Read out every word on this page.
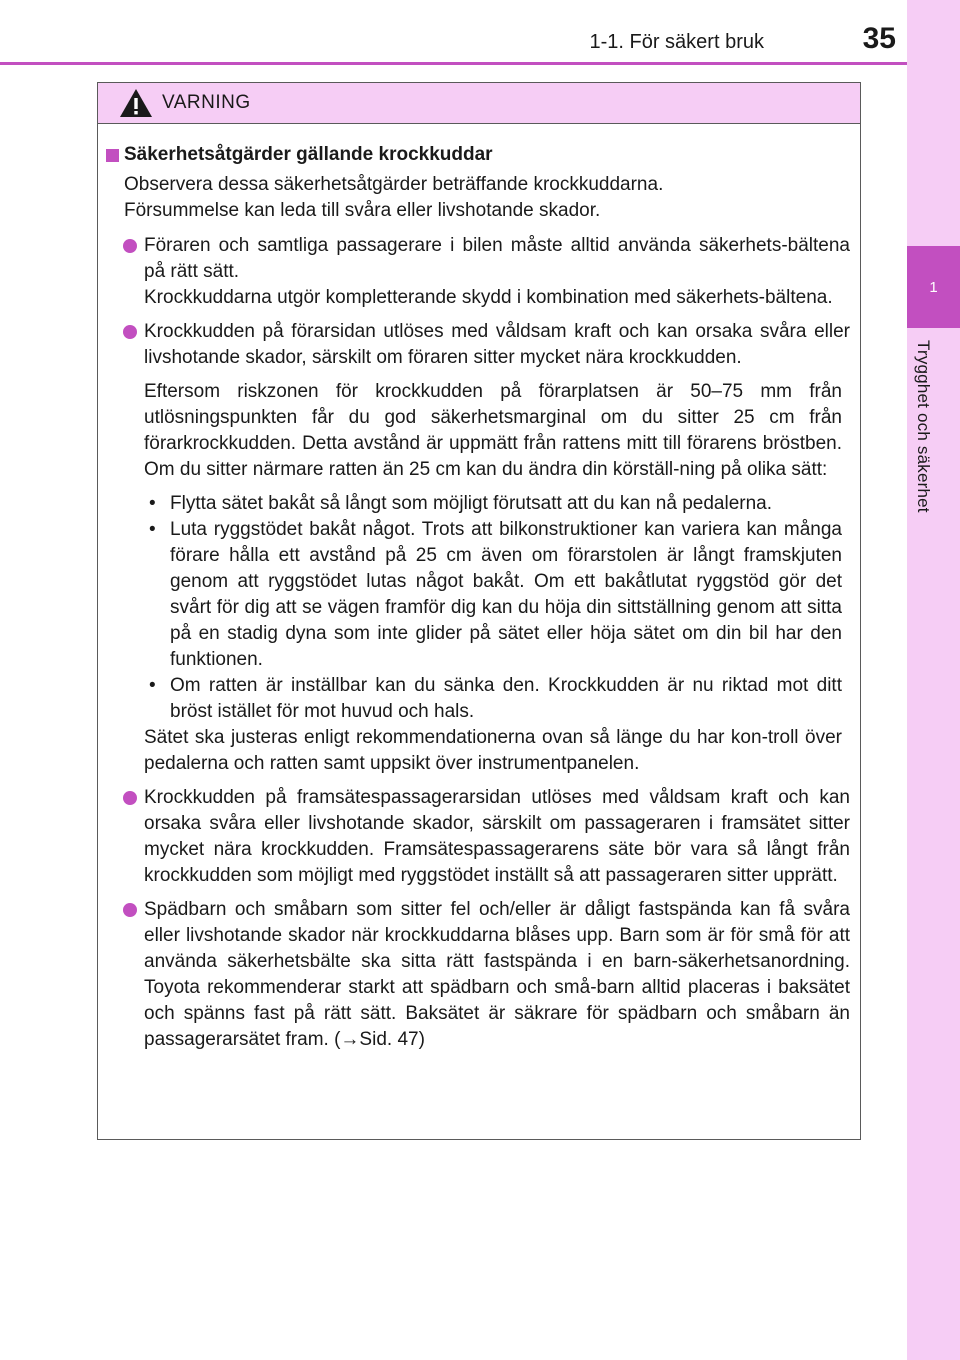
1-1. För säkert bruk	35
1
Trygghet och säkerhet
VARNING
Säkerhetsåtgärder gällande krockkuddar
Observera dessa säkerhetsåtgärder beträffande krockkuddarna.
Försummelse kan leda till svåra eller livshotande skador.
Föraren och samtliga passagerare i bilen måste alltid använda säkerhets-bältena på rätt sätt.
Krockkuddarna utgör kompletterande skydd i kombination med säkerhets-bältena.
Krockkudden på förarsidan utlöses med våldsam kraft och kan orsaka svåra eller livshotande skador, särskilt om föraren sitter mycket nära krockkudden.
Eftersom riskzonen för krockkudden på förarplatsen är 50–75 mm från utlösningspunkten får du god säkerhetsmarginal om du sitter 25 cm från förarkrockkudden. Detta avstånd är uppmätt från rattens mitt till förarens bröstben. Om du sitter närmare ratten än 25 cm kan du ändra din körställ-ning på olika sätt:
• Flytta sätet bakåt så långt som möjligt förutsatt att du kan nå pedalerna.
• Luta ryggstödet bakåt något. Trots att bilkonstruktioner kan variera kan många förare hålla ett avstånd på 25 cm även om förarstolen är långt framskjuten genom att ryggstödet lutas något bakåt. Om ett bakåtlutat ryggstöd gör det svårt för dig att se vägen framför dig kan du höja din sittställning genom att sitta på en stadig dyna som inte glider på sätet eller höja sätet om din bil har den funktionen.
• Om ratten är inställbar kan du sänka den. Krockkudden är nu riktad mot ditt bröst istället för mot huvud och hals.
Sätet ska justeras enligt rekommendationerna ovan så länge du har kon-troll över pedalerna och ratten samt uppsikt över instrumentpanelen.
Krockkudden på framsätespassagerarsidan utlöses med våldsam kraft och kan orsaka svåra eller livshotande skador, särskilt om passageraren i framsätet sitter mycket nära krockkudden. Framsätespassagerarens säte bör vara så långt från krockkudden som möjligt med ryggstödet inställt så att passageraren sitter upprätt.
Spädbarn och småbarn som sitter fel och/eller är dåligt fastspända kan få svåra eller livshotande skador när krockkuddarna blåses upp. Barn som är för små för att använda säkerhetsbälte ska sitta rätt fastspända i en barn-säkerhetsanordning. Toyota rekommenderar starkt att spädbarn och små-barn alltid placeras i baksätet och spänns fast på rätt sätt. Baksätet är säkrare för spädbarn och småbarn än passagerarsätet fram. (→Sid. 47)
